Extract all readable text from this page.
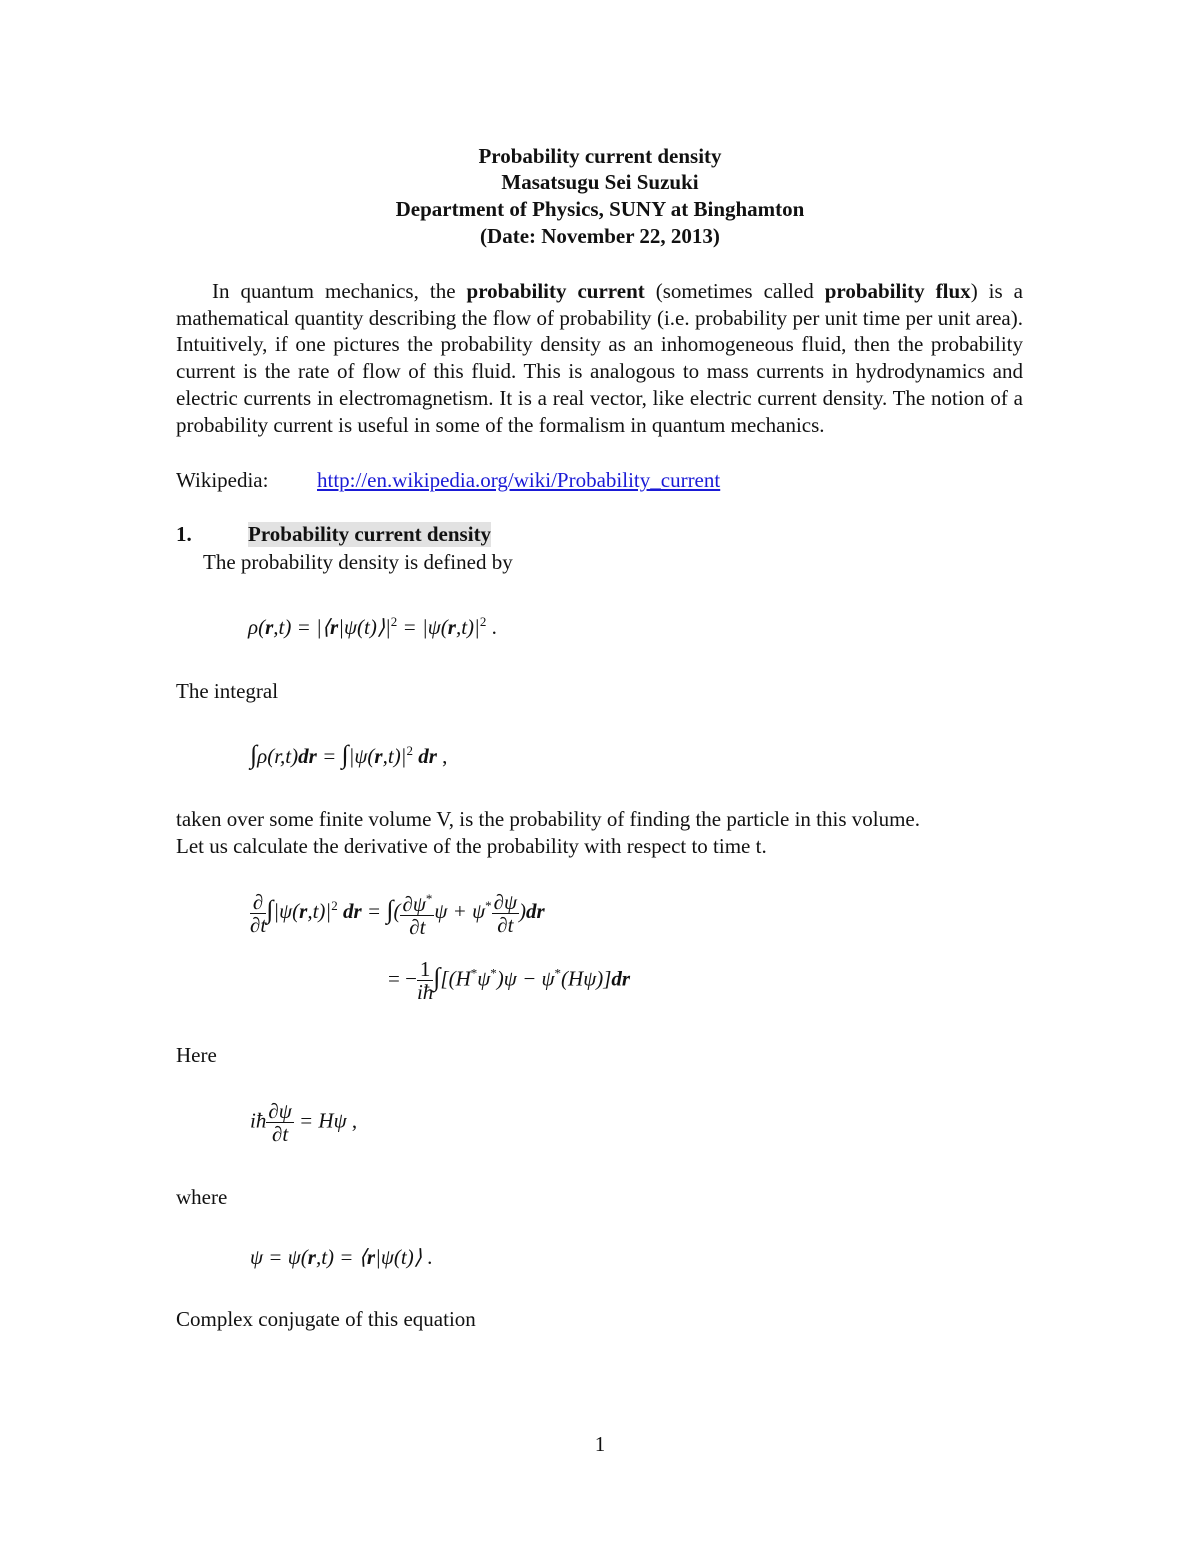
Probability current density
Masatsugu Sei Suzuki
Department of Physics, SUNY at Binghamton
(Date: November 22, 2013)

In quantum mechanics, the probability current (sometimes called probability flux) is a mathematical quantity describing the flow of probability (i.e. probability per unit time per unit area). Intuitively, if one pictures the probability density as an inhomogeneous fluid, then the probability current is the rate of flow of this fluid. This is analogous to mass currents in hydrodynamics and electric currents in electromagnetism. It is a real vector, like electric current density. The notion of a probability current is useful in some of the formalism in quantum mechanics.

Wikipedia: http://en.wikipedia.org/wiki/Probability_current
1.	Probability current density
The probability density is defined by
$\rho(r,t) = |⟨r|\psi(t)⟩|^2 = |\psi(r,t)|^2$ .
The integral
$\int\rho(r,t)dr = \int|\psi(r,t)|^2$ dr ,
taken over some finite volume V, is the probability of finding the particle in this volume.
Let us calculate the derivative of the probability with respect to time t.
$\frac{\partial}{\partial t} \int|\psi(r,t)|^2$ dr = ∫( $\frac{\partial\psi^*}{\partial t}$ $\psi + \psi^* \frac{\partial\psi}{\partial t} )dr$
= − $\frac{1}{iħ} \int[(H^*\psi^*)\psi - \psi^*(H\psi)]dr$
Here
iħ $\frac{\partial\psi}{\partial t} = H\psi$ ,
where
ψ = ψ(r,t) = ⟨r|ψ(t)⟩ .
Complex conjugate of this equation
1
